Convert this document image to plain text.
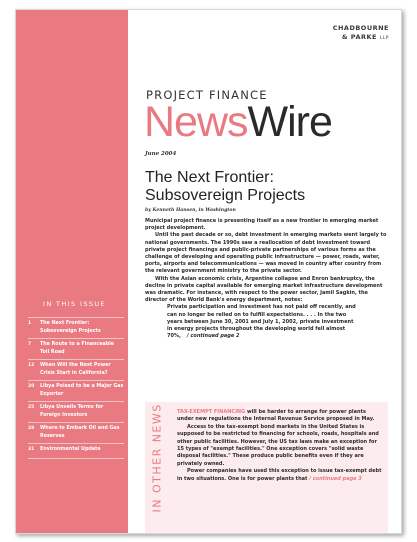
IN THIS ISSUE
1	The Next Frontier: Subsovereign Projects
7	The Route to a Financeable Toll Road
12	When Will the Next Power Crisis Start in California?
20	Libya Poised to be a Major Gas Exporter
25	Libya Unveils Terms for Foreign Investors
28	Where to Embark Oil and Gas Reserves
31	Environmental Update
CHADBOURNE
& PARKE LLP
PROJECT FINANCE
NewsWire
June 2004
The Next Frontier:
Subsovereign Projects
by Kenneth Hansen, in Washington

Municipal project finance is presenting itself as a new frontier in emerging market project development.

Until the past decade or so, debt investment in emerging markets went largely to national governments. The 1990s saw a reallocation of debt investment toward private project financings and public-private partnerships of various forms as the challenge of developing and operating public infrastructure — power, roads, water, ports, airports and telecommunications — was moved in country after country from the relevant government ministry to the private sector.

With the Asian economic crisis, Argentine collapse and Enron bankruptcy, the decline in private capital available for emerging market infrastructure development was dramatic. For instance, with respect to the power sector, Jamil Sagkin, the director of the World Bank's energy department, notes:

Private participation and investment has not paid off recently, and can no longer be relied on to fulfill expectations. . . . In the two years between June 30, 2001 and July 1, 2002, private investment in energy projects throughout the developing world fell almost 70%, / continued page 2

IN OTHER NEWS	TAX-EXEMPT FINANCING will be harder to arrange for power plants under new regulations the Internal Revenue Service proposed in May.

Access to the tax-exempt bond markets in the United States is supposed to be restricted to financing for schools, roads, hospitals and other public facilities. However, the US tax laws make an exception for 15 types of "exempt facilities." One exception covers "solid waste disposal facilities." These produce public benefits even if they are privately owned.

Power companies have used this exception to issue tax-exempt debt in two situations. One is for power plants that / continued page 3
